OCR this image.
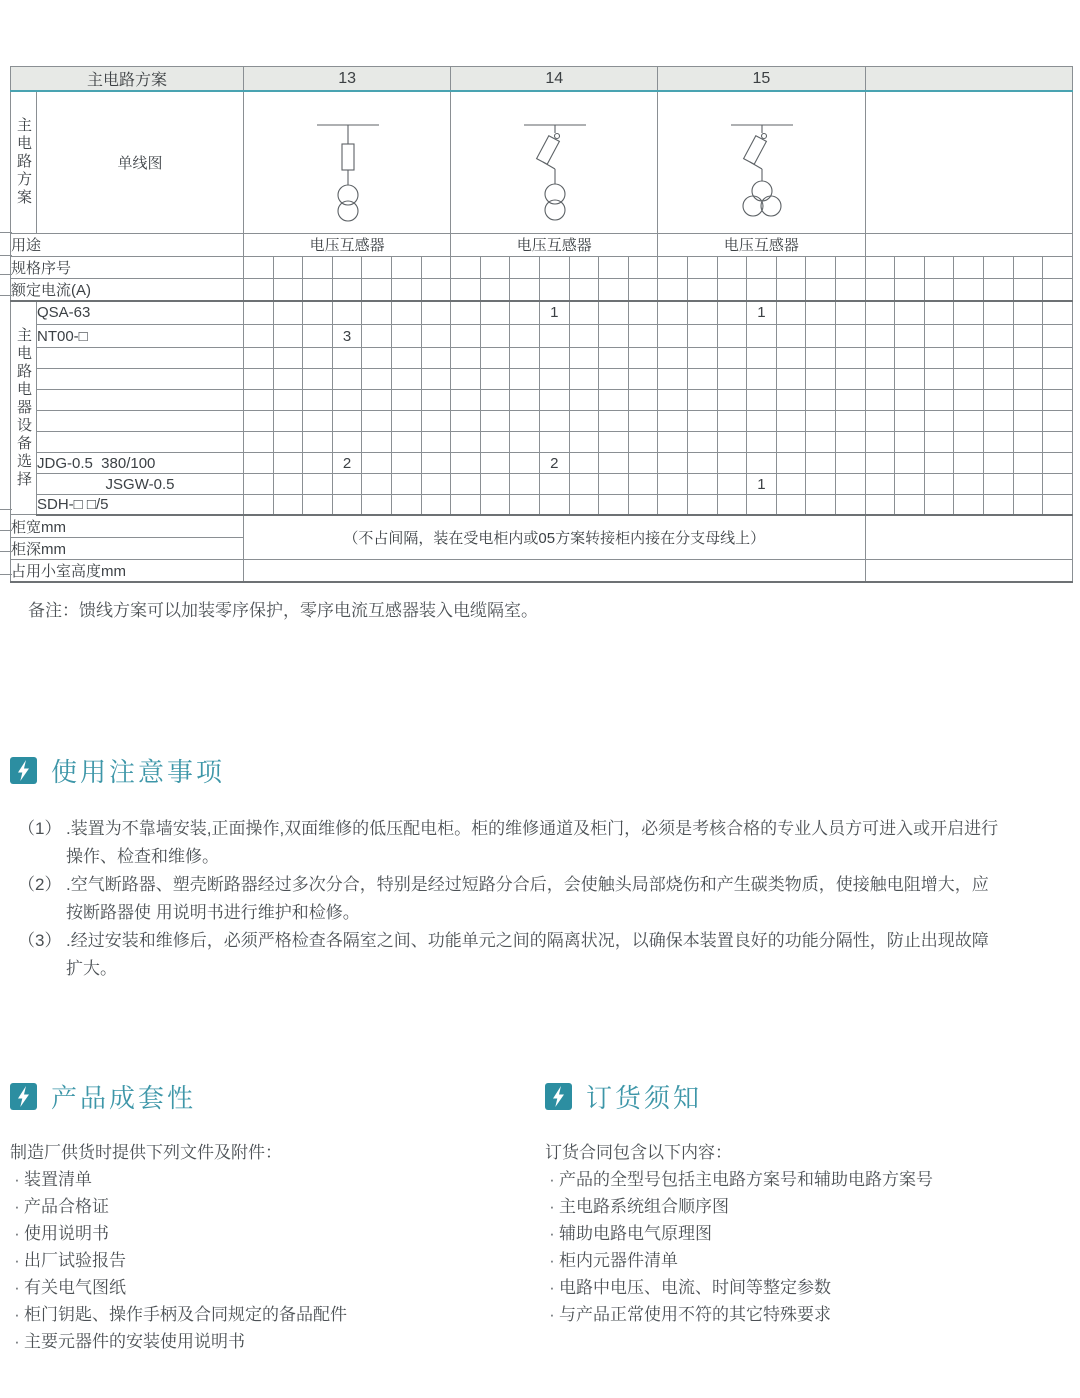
主电路方案		13							14							15													
主电路方案	单线图	

用途		电压互感器							电压互感器							电压互感器													
规格序号																													
额定电流(A)																													
主电路电器设备选择	QSA-63											1							1										
	NT00-□				3																								

	JDG-0.5  380/100				2							2																	
	JSGW-0.5																		1										
	SDH-□ □/5																												
柜宽mm		（不占间隔，装在受电柜内或05方案转接柜内接在分支母线上）																											
柜深mm																													
占用小室高度mm																													
备注：馈线方案可以加装零序保护，零序电流互感器装入电缆隔室。
使用注意事项
（1） .装置为不靠墙安装,正面操作,双面维修的低压配电柜。柜的维修通道及柜门，必须是考核合格的专业人员方可进入或开启进行
操作、检查和维修。
（2） .空气断路器、塑壳断路器经过多次分合，特别是经过短路分合后，会使触头局部烧伤和产生碳类物质，使接触电阻增大，应
按断路器使 用说明书进行维护和检修。
（3） .经过安装和维修后，必须严格检查各隔室之间、功能单元之间的隔离状况，以确保本装置良好的功能分隔性，防止出现故障
扩大。
产品成套性
制造厂供货时提供下列文件及附件：
· 装置清单
· 产品合格证
· 使用说明书
· 出厂试验报告
· 有关电气图纸
· 柜门钥匙、操作手柄及合同规定的备品配件
· 主要元器件的安装使用说明书
订货须知
订货合同包含以下内容：
· 产品的全型号包括主电路方案号和辅助电路方案号
· 主电路系统组合顺序图
· 辅助电路电气原理图
· 柜内元器件清单
· 电路中电压、电流、时间等整定参数
· 与产品正常使用不符的其它特殊要求
